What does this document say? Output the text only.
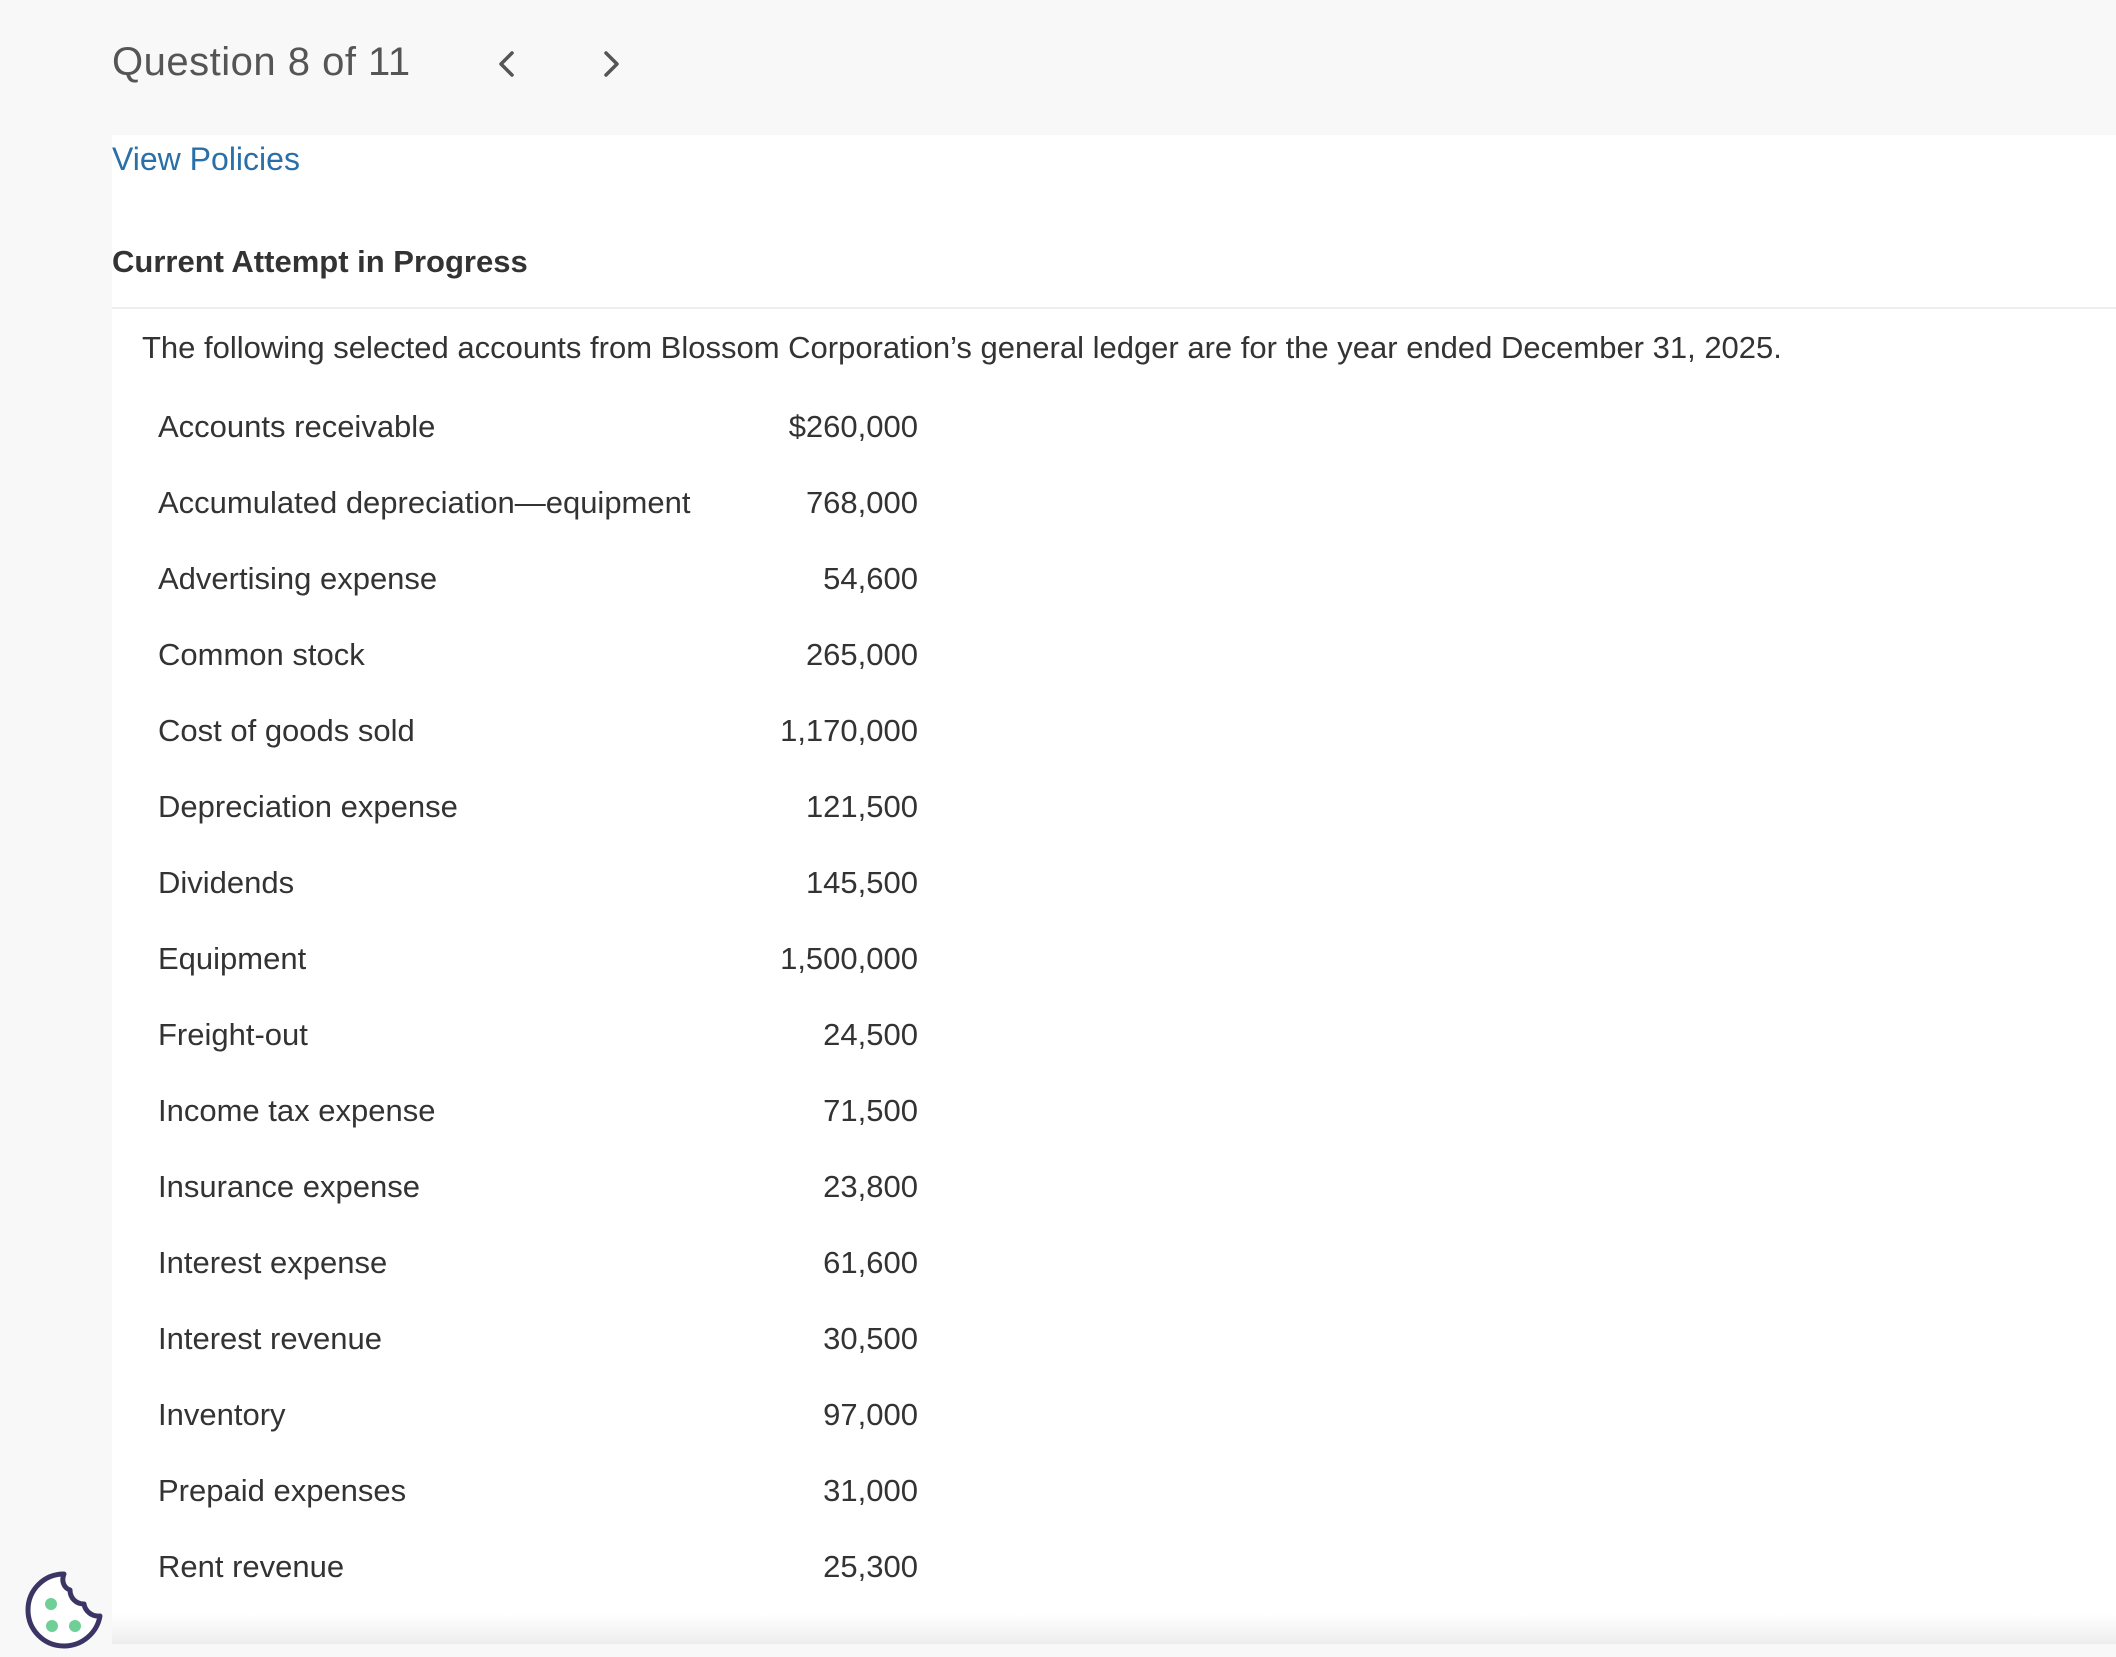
Question 8 of 11
View Policies
Current Attempt in Progress
The following selected accounts from Blossom Corporation’s general ledger are for the year ended December 31, 2025.
Accounts receivable	$260,000
Accumulated depreciation—equipment	768,000
Advertising expense	54,600
Common stock	265,000
Cost of goods sold	1,170,000
Depreciation expense	121,500
Dividends	145,500
Equipment	1,500,000
Freight-out	24,500
Income tax expense	71,500
Insurance expense	23,800
Interest expense	61,600
Interest revenue	30,500
Inventory	97,000
Prepaid expenses	31,000
Rent revenue	25,300
